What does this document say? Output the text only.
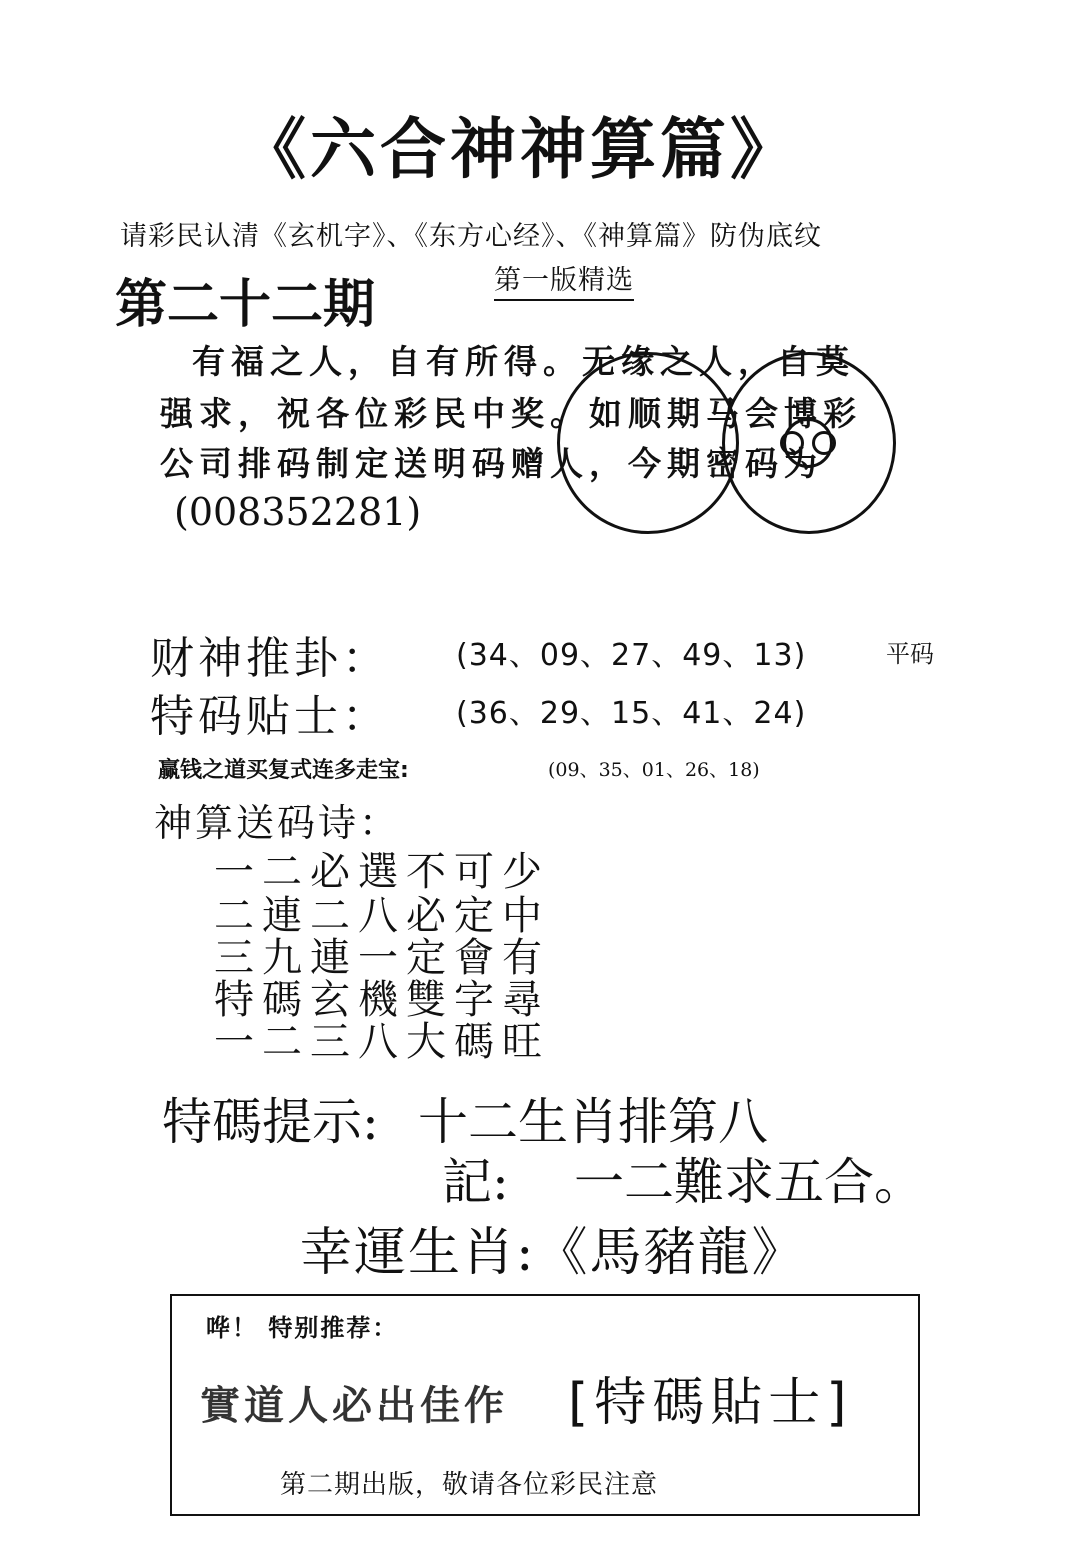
《六合神神算篇》
请彩民认清《玄机字》、《东方心经》、《神算篇》防伪底纹
第二十二期	第一版精选
有福之人，自有所得。无缘之人，自莫
强求，祝各位彩民中奖。如顺期马会博彩
公司排码制定送明码赠人，今期密码为
(008352281)
财神推卦： (34、09、27、49、13)	平码
特码贴士： (36、29、15、41、24)
赢钱之道买复式连多走宝:	(09、35、01、26、18)
神算送码诗：
一二必選不可少
二連二八必定中
三九連一定會有
特碼玄機雙字尋
一二三八大碼旺
特碼提示: 十二生肖排第八
記: 一二難求五合。
幸運生肖:《馬豬龍》
哗！ 特别推荐：
實道人必出佳作 [特碼貼士]
第二期出版，敬请各位彩民注意
